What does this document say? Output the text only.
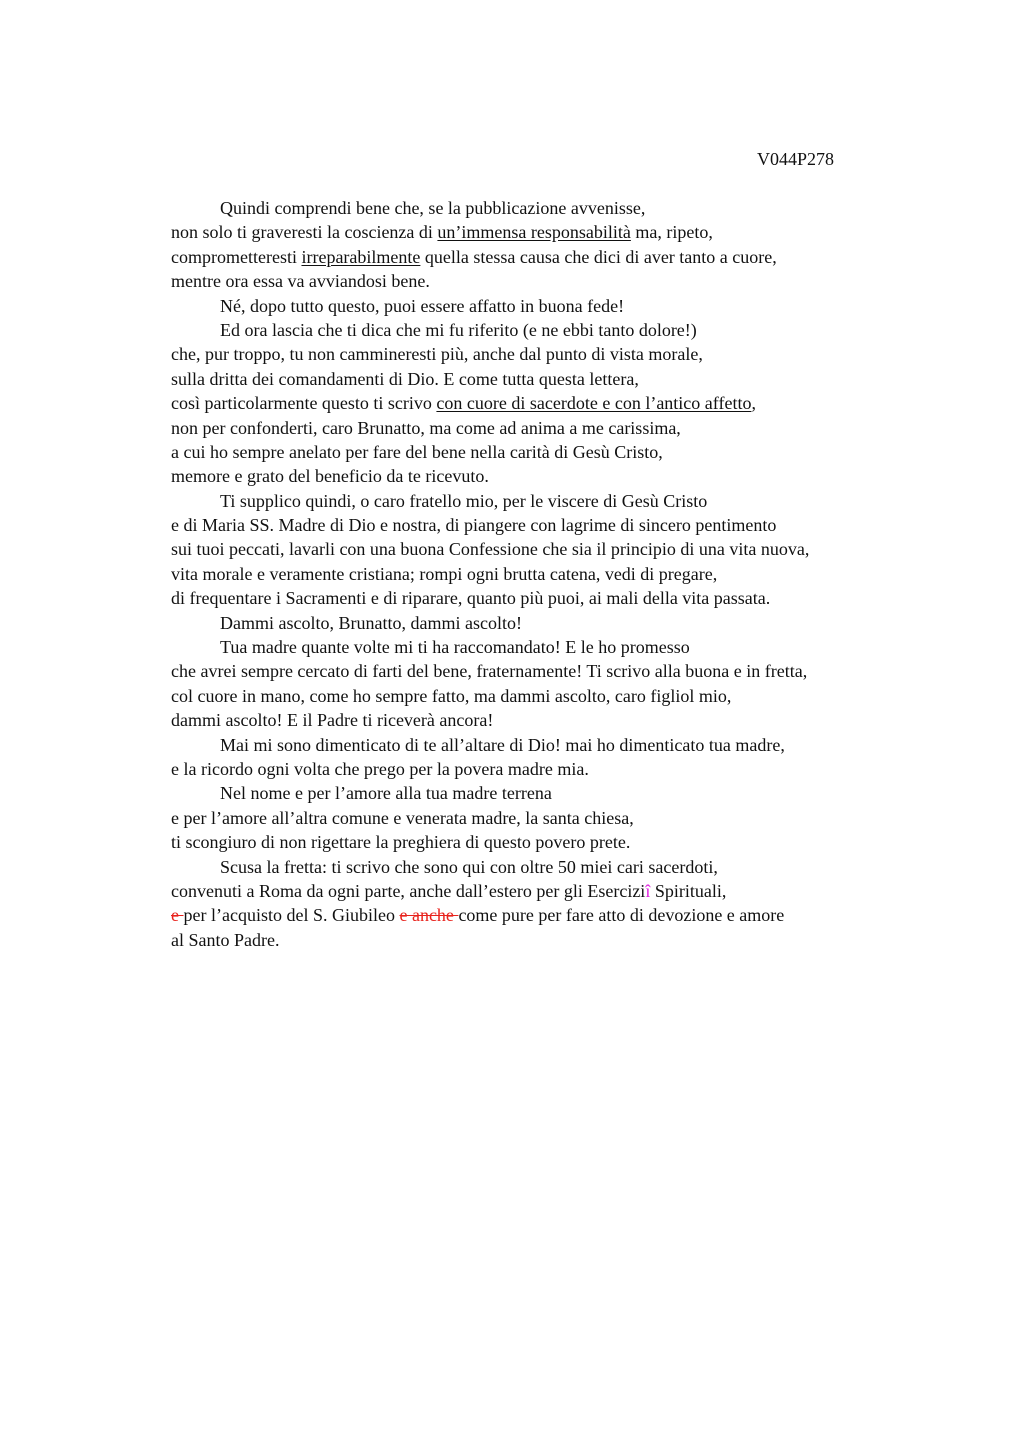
V044P278
Quindi comprendi bene che, se la pubblicazione avvenisse,
non solo ti graveresti la coscienza di un’immensa responsabilità ma, ripeto,
comprometteresti irreparabilmente quella stessa causa che dici di aver tanto a cuore,
mentre ora essa va avviandosi bene.
Né, dopo tutto questo, puoi essere affatto in buona fede!
Ed ora lascia che ti dica che mi fu riferito (e ne ebbi tanto dolore!)
che, pur troppo, tu non cammineresti più, anche dal punto di vista morale,
sulla dritta dei comandamenti di Dio. E come tutta questa lettera,
così particolarmente questo ti scrivo con cuore di sacerdote e con l’antico affetto,
non per confonderti, caro Brunatto, ma come ad anima a me carissima,
a cui ho sempre anelato per fare del bene nella carità di Gesù Cristo,
memore e grato del beneficio da te ricevuto.
Ti supplico quindi, o caro fratello mio, per le viscere di Gesù Cristo
e di Maria SS. Madre di Dio e nostra, di piangere con lagrime di sincero pentimento
sui tuoi peccati, lavarli con una buona Confessione che sia il principio di una vita nuova,
vita morale e veramente cristiana; rompi ogni brutta catena, vedi di pregare,
di frequentare i Sacramenti e di riparare, quanto più puoi, ai mali della vita passata.
Dammi ascolto, Brunatto, dammi ascolto!
Tua madre quante volte mi ti ha raccomandato! E le ho promesso
che avrei sempre cercato di farti del bene, fraternamente! Ti scrivo alla buona e in fretta,
col cuore in mano, come ho sempre fatto, ma dammi ascolto, caro figliol mio,
dammi ascolto! E il Padre ti riceverà ancora!
Mai mi sono dimenticato di te all’altare di Dio! mai ho dimenticato tua madre,
e la ricordo ogni volta che prego per la povera madre mia.
Nel nome e per l’amore alla tua madre terrena
e per l’amore all’altra comune e venerata madre, la santa chiesa,
ti scongiuro di non rigettare la preghiera di questo povero prete.
Scusa la fretta: ti scrivo che sono qui con oltre 50 miei cari sacerdoti,
convenuti a Roma da ogni parte, anche dall’estero per gli Eserciziî Spirituali,
e per l’acquisto del S. Giubileo e anche come pure per fare atto di devozione e amore
al Santo Padre.
